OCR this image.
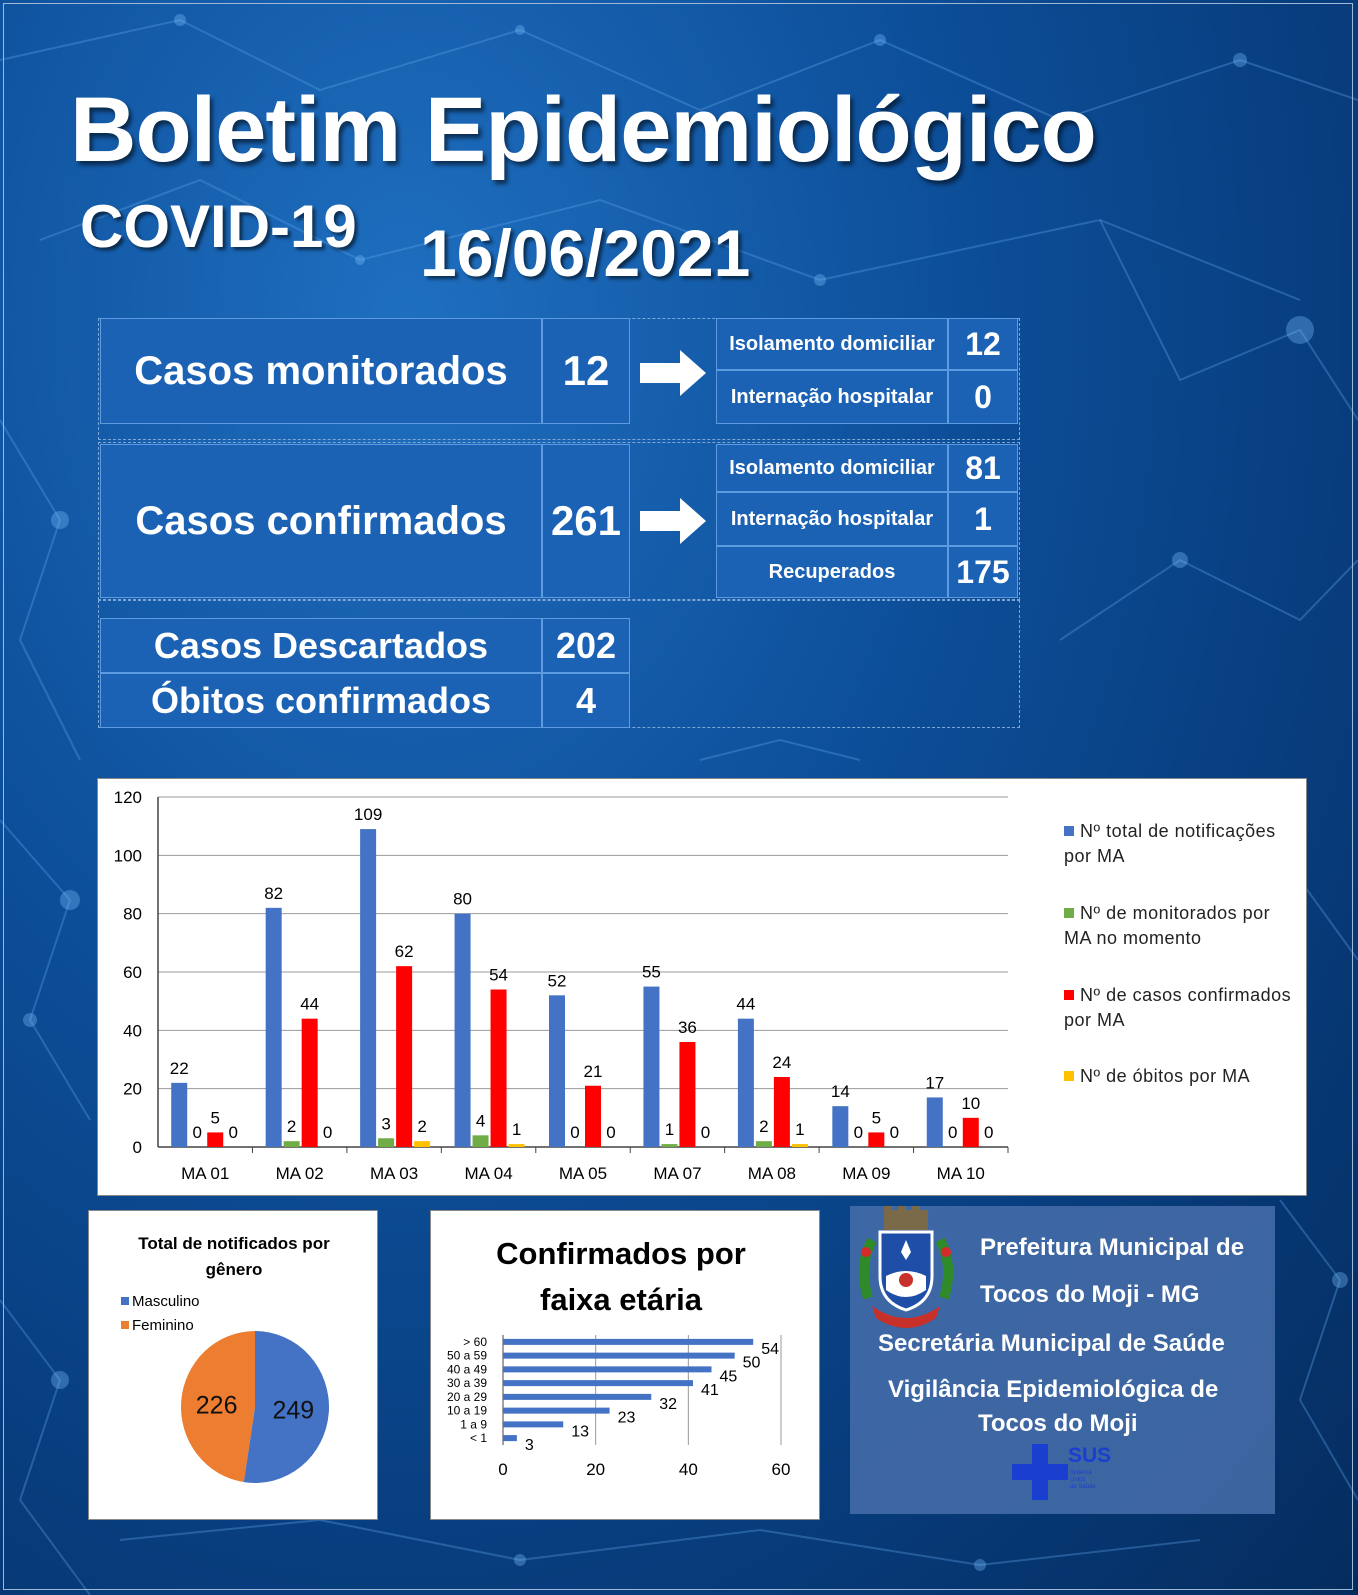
Boletim Epidemiológico
COVID-19 16/06/2021
Casos monitorados	12
Isolamento domiciliar 12
Internação hospitalar	0
Casos confirmados	261
Isolamento domiciliar 81
Internação hospitalar	1
Recuperados	175
Casos Descartados	202
Óbitos confirmados	4
0
20
40
60
80
100
120
MA 01
22
0
5
0
MA 02
82
2
44
0
MA 03
109
3
62
2
MA 04
80
4
54
1
MA 05
52
0
21
0
MA 07
55
1
36
0
MA 08
44
2
24
1
MA 09
14
0
5
0
MA 10
17
0
10
0
Nº total de notificações por MA
Nº de monitorados por MA no momento
Nº de casos confirmados por MA
Nº de óbitos por MA
Total de notificados por gênero
Masculino
Feminino
249
226
Confirmados por faixa etária
0	20	40	60
> 60	54
50 a 59	50
40 a 49	45
30 a 39	41
20 a 29	32
10 a 19	23
1 a 9	13
< 1 3
Prefeitura Municipal de
Tocos do Moji - MG
Secretária Municipal de Saúde
Vigilância Epidemiológica de
Tocos do Moji
SUS
Sistema
Único
de Saúde
